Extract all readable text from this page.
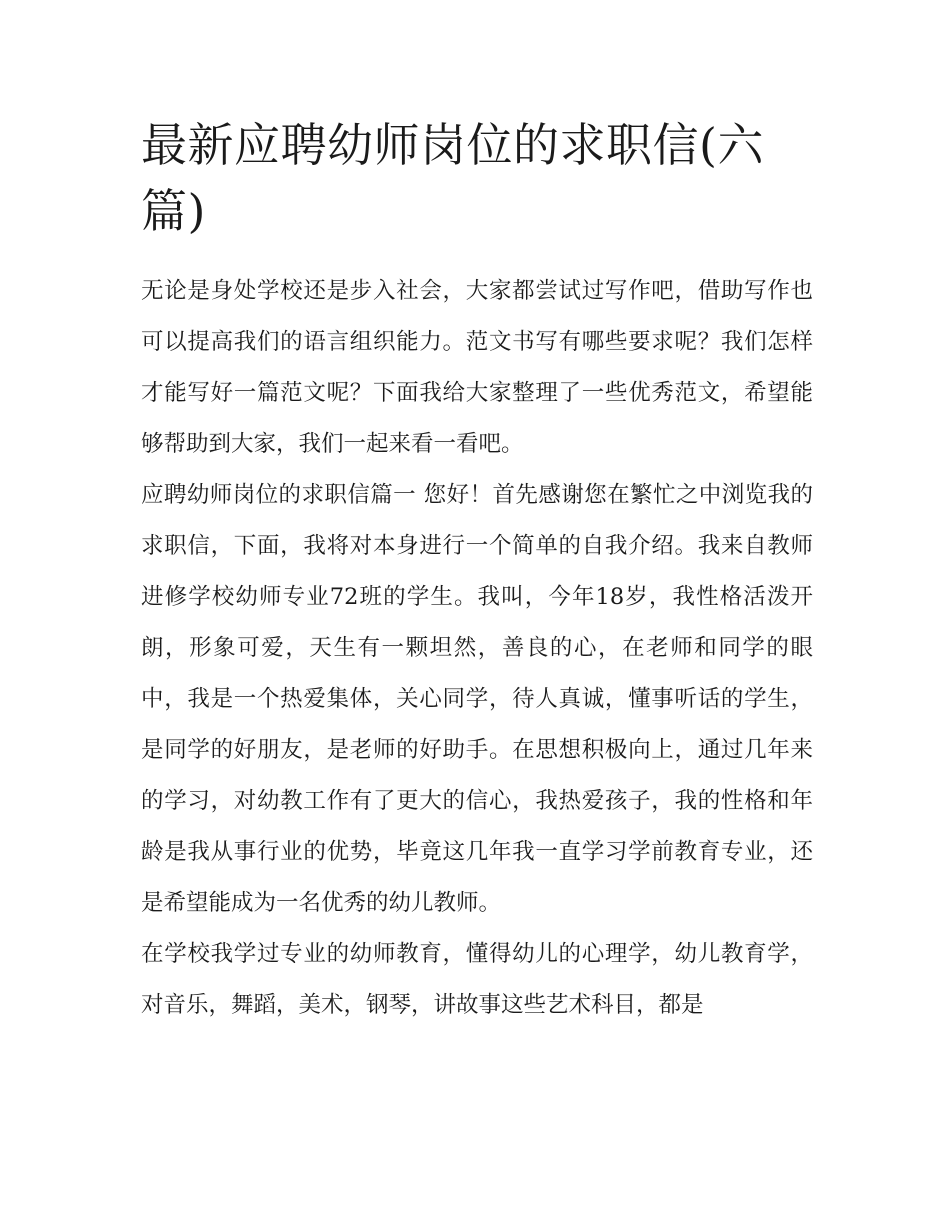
最新应聘幼师岗位的求职信(六篇)

无论是身处学校还是步入社会，大家都尝试过写作吧，借助写作也可以提高我们的语言组织能力。范文书写有哪些要求呢？我们怎样才能写好一篇范文呢？下面我给大家整理了一些优秀范文，希望能够帮助到大家，我们一起来看一看吧。

应聘幼师岗位的求职信篇一 您好！首先感谢您在繁忙之中浏览我的求职信，下面，我将对本身进行一个简单的自我介绍。我来自教师进修学校幼师专业72班的学生。我叫，今年18岁，我性格活泼开朗，形象可爱，天生有一颗坦然，善良的心，在老师和同学的眼中，我是一个热爱集体，关心同学，待人真诚，懂事听话的学生，是同学的好朋友，是老师的好助手。在思想积极向上，通过几年来的学习，对幼教工作有了更大的信心，我热爱孩子，我的性格和年龄是我从事行业的优势，毕竟这几年我一直学习学前教育专业，还是希望能成为一名优秀的幼儿教师。

在学校我学过专业的幼师教育，懂得幼儿的心理学，幼儿教育学，对音乐，舞蹈，美术，钢琴，讲故事这些艺术科目，都是
